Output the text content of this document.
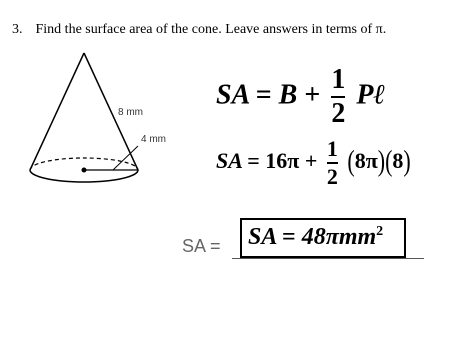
3. Find the surface area of the cone. Leave answers in terms of π.
8 mm
4 mm
SA = $B + \frac{1}{2}$ Pℓ
SA = $16\pi + \frac{1}{2} (8\pi)(8)$
SA = SA = 48πmm$^2$
